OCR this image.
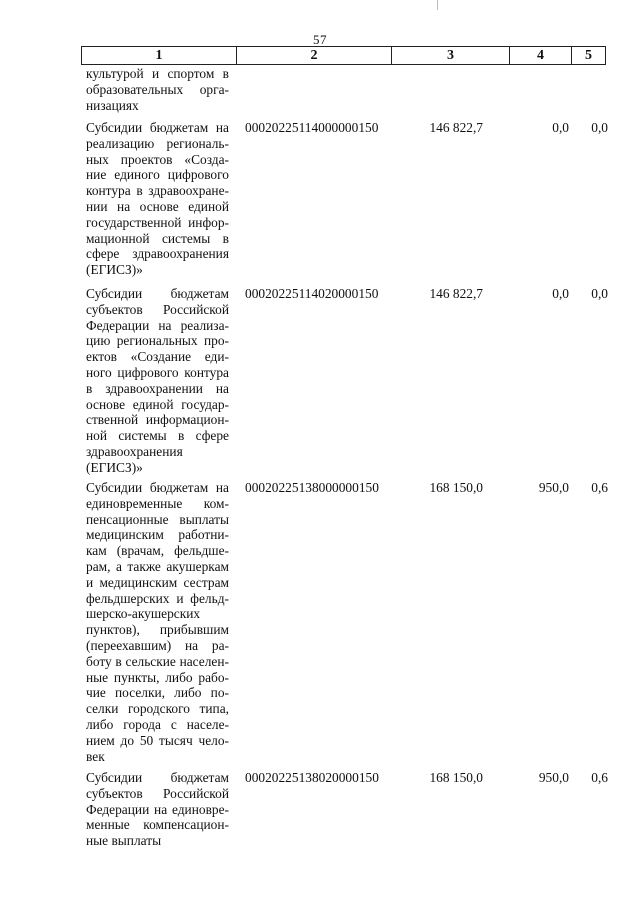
57
1	2	3	4	5
культурой и спортом в
образовательных орга-
низациях
Субсидии бюджетам на
реализацию региональ-
ных проектов «Созда-
ние единого цифрового
контура в здравоохране-
нии на основе единой
государственной инфор-
мационной системы в
сфере здравоохранения
(ЕГИСЗ)»
00020225114000000150	146 822,7	0,0 0,0
Субсидии бюджетам
субъектов Российской
Федерации на реализа-
цию региональных про-
ектов «Создание еди-
ного цифрового контура
в здравоохранении на
основе единой государ-
ственной информацион-
ной системы в сфере
здравоохранения
(ЕГИСЗ)»
00020225114020000150	146 822,7	0,0 0,0
Субсидии бюджетам на
единовременные ком-
пенсационные выплаты
медицинским работни-
кам (врачам, фельдше-
рам, а также акушеркам
и медицинским сестрам
фельдшерских и фельд-
шерско-акушерских
пунктов), прибывшим
(переехавшим) на ра-
боту в сельские населен-
ные пункты, либо рабо-
чие поселки, либо по-
селки городского типа,
либо города с населе-
нием до 50 тысяч чело-
век
00020225138000000150	168 150,0	950,0 0,6
Субсидии бюджетам
субъектов Российской
Федерации на единовре-
менные компенсацион-
ные выплаты
00020225138020000150	168 150,0	950,0 0,6
